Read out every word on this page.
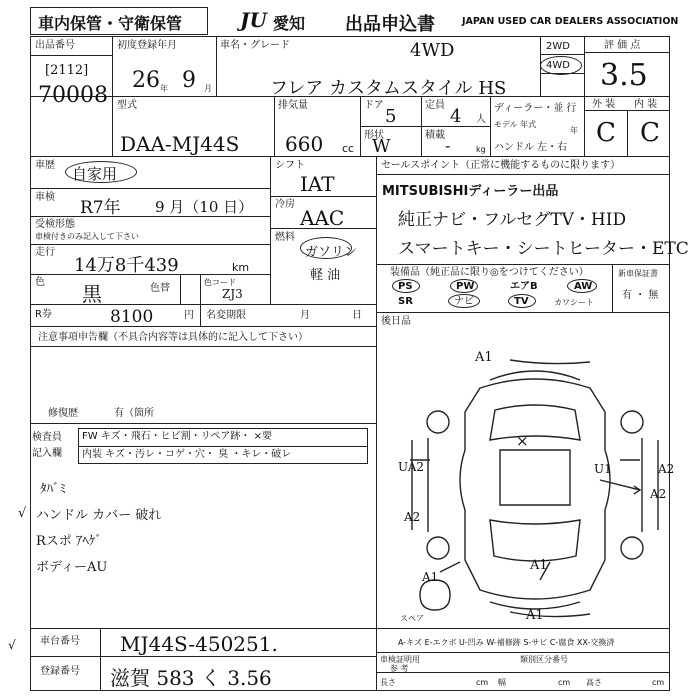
車内保管・守衛保管	JU 愛知 出品申込書	JAPAN USED CAR DEALERS ASSOCIATION
出品番号
[2112]
70008
初度登録年月
26 年 9 月
車名・グレード	4WD
フレア カスタムスタイル HS
2WD
4WD
評 価 点
3.5
型式
DAA-MJ44S
排気量
660 cc
ドア
5
定員
4 人
形状
W
積載
-	kg
ディーラー・並 行
モデル 年式
年
ハンドル 左・右
外 装 内 装
C C
車歴 自家用
車検
R7年 9 月（10 日）
受検形態
車検付きのみ記入して下さい
走行
14万8千439	km
色 黒	色替
色コード
ZJ3
シフト
IAT
冷房
AAC
燃料
ガソリン
軽 油
R券	8100	円 名変期限	月	日
セールスポイント（正常に機能するものに限ります）
MITSUBISHIディーラー出品
純正ナビ・フルセグTV・HID
スマートキー・シートヒーター・ETC
装備品（純正品に限り◎をつけてください）	新車保証書
有 ・ 無
PS	PW	エアB	AW
SR	ナビ	TV	カワシート
後日品
注意事項申告欄（不具合内容等は具体的に記入して下さい）
修復歴	有（箇所
検査員
記入欄
FW キズ・飛石・ヒビ割・リペア跡・ ×要
内装 キズ・汚レ・コゲ・穴・ 臭 ・キレ・破レ
ﾀﾊﾞﾐ
ハンドル カバー 破れ
√
Rスポ ｱﾍｹﾞ
ボディーAU
A1
×
UA2	U1	A2
A2
A2
A1
A1
A1
スペア
A-キズ E-エクボ U-凹み W-補修跡 S-サビ C-腐食 XX-交換済
√ 車台番号 MJ44S-450251.
登録番号 滋賀 583 く 3.56
車検証明用
参 考
類別区分番号
長さ	cm 幅	cm 高さ	cm
